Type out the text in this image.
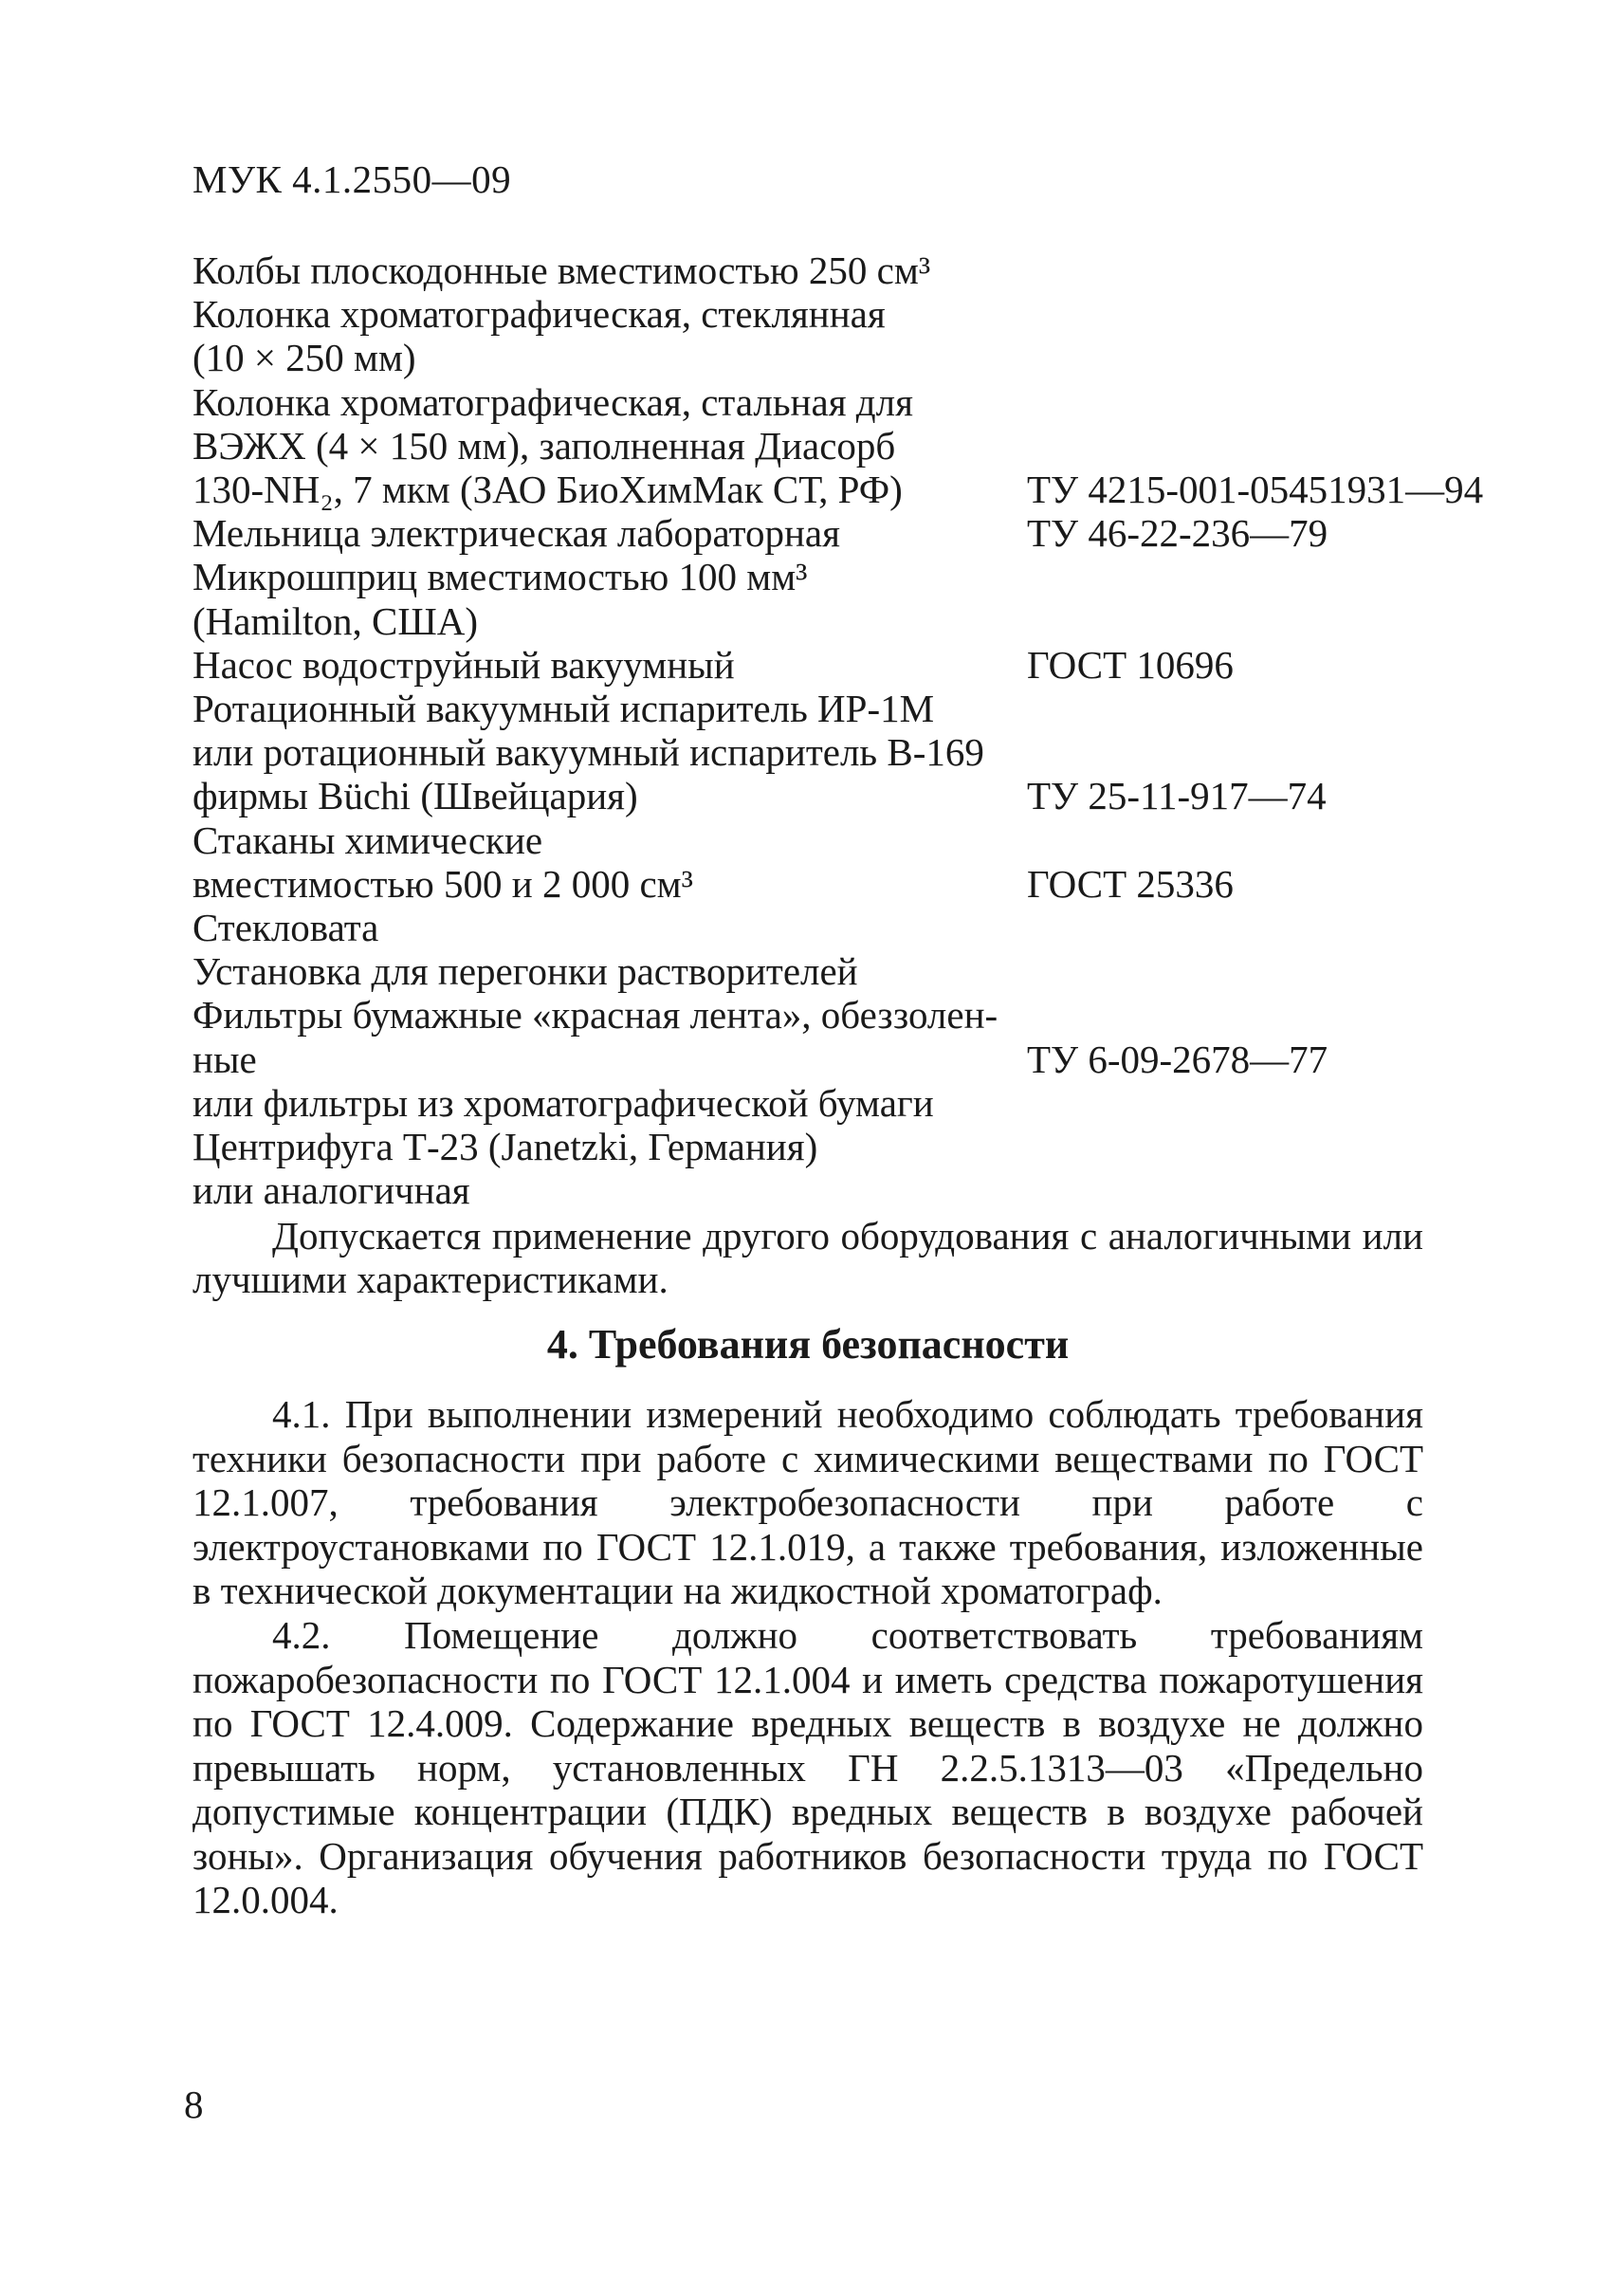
МУК 4.1.2550—09
Колбы плоскодонные вместимостью 250 см³
Колонка хроматографическая, стеклянная
(10 × 250 мм)
Колонка хроматографическая, стальная для
ВЭЖХ (4 × 150 мм), заполненная Диасорб
130-NH₂, 7 мкм (ЗАО БиоХимМак СТ, РФ)	ТУ 4215-001-05451931—94
Мельница электрическая лабораторная	ТУ 46-22-236—79
Микрошприц вместимостью 100 мм³
(Hamilton, США)
Насос водоструйный вакуумный	ГОСТ 10696
Ротационный вакуумный испаритель ИР-1М
или ротационный вакуумный испаритель В-169
фирмы Büchi (Швейцария)	ТУ 25-11-917—74
Стаканы химические
вместимостью 500 и 2 000 см³	ГОСТ 25336
Стекловата
Установка для перегонки растворителей
Фильтры бумажные «красная лента», обеззолен-
ные	ТУ 6-09-2678—77
или фильтры из хроматографической бумаги
Центрифуга Т-23 (Janetzki, Германия)
или аналогичная

Допускается применение другого оборудования с аналогичными или лучшими характеристиками.

4. Требования безопасности

4.1. При выполнении измерений необходимо соблюдать требования техники безопасности при работе с химическими веществами по ГОСТ 12.1.007, требования электробезопасности при работе с электроустановками по ГОСТ 12.1.019, а также требования, изложенные в технической документации на жидкостной хроматограф.

4.2. Помещение должно соответствовать требованиям пожаробезопасности по ГОСТ 12.1.004 и иметь средства пожаротушения по ГОСТ 12.4.009. Содержание вредных веществ в воздухе не должно превышать норм, установленных ГН 2.2.5.1313—03 «Предельно допустимые концентрации (ПДК) вредных веществ в воздухе рабочей зоны». Организация обучения работников безопасности труда по ГОСТ 12.0.004.

8
